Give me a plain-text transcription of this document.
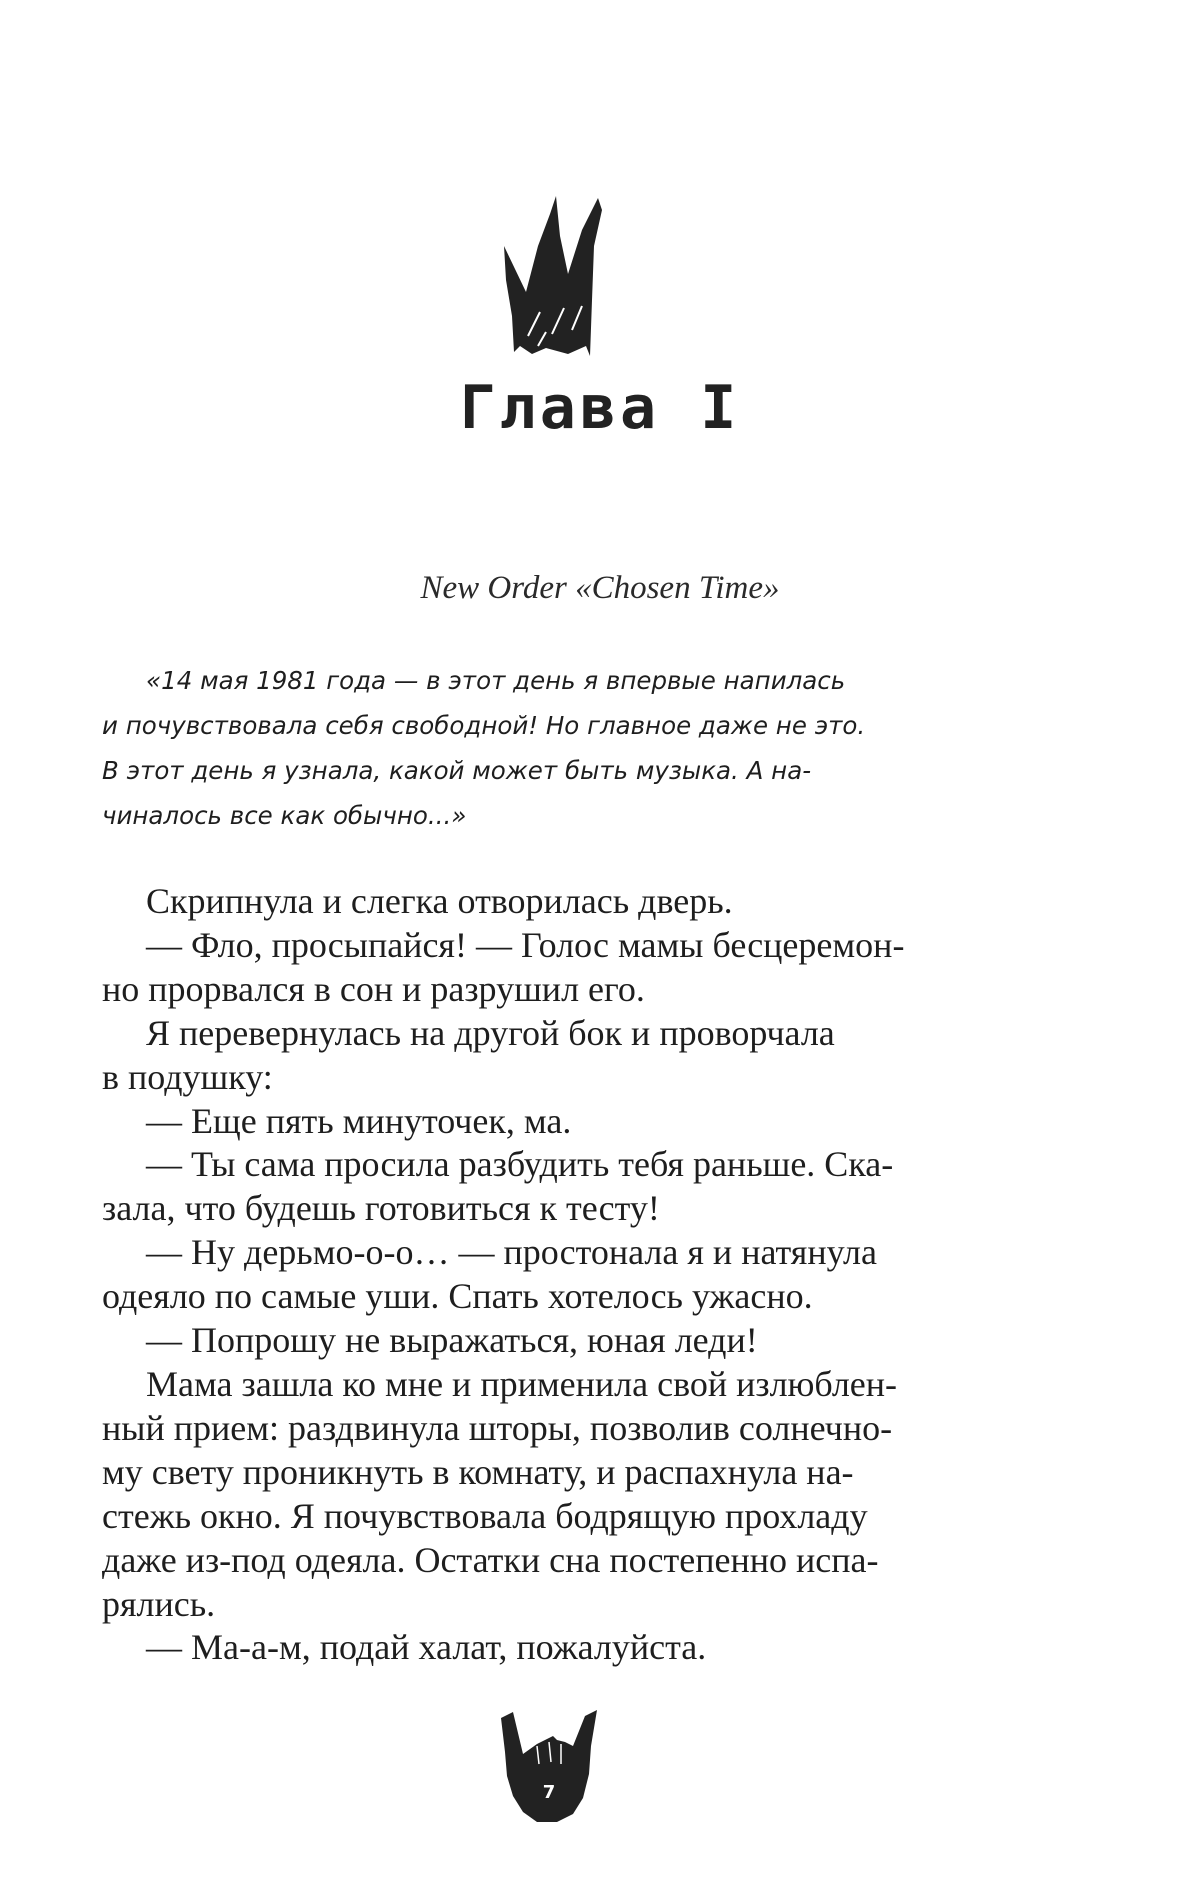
Глава I
New Order «Chosen Time»
«14 мая 1981 года — в этот день я впервые напилась
и почувствовала себя свободной! Но главное даже не это.
В этот день я узнала, какой может быть музыка. А на-
чиналось все как обычно...»
Скрипнула и слегка отворилась дверь.
— Фло, просыпайся! — Голос мамы бесцеремон-
но прорвался в сон и разрушил его.
Я перевернулась на другой бок и проворчала
в подушку:
— Еще пять минуточек, ма.
— Ты сама просила разбудить тебя раньше. Ска-
зала, что будешь готовиться к тесту!
— Ну дерьмо-о-о… — простонала я и натянула
одеяло по самые уши. Спать хотелось ужасно.
— Попрошу не выражаться, юная леди!
Мама зашла ко мне и применила свой излюблен-
ный прием: раздвинула шторы, позволив солнечно-
му свету проникнуть в комнату, и распахнула на-
стежь окно. Я почувствовала бодрящую прохладу
даже из-под одеяла. Остатки сна постепенно испа-
рялись.
— Ма-а-м, подай халат, пожалуйста.
7
